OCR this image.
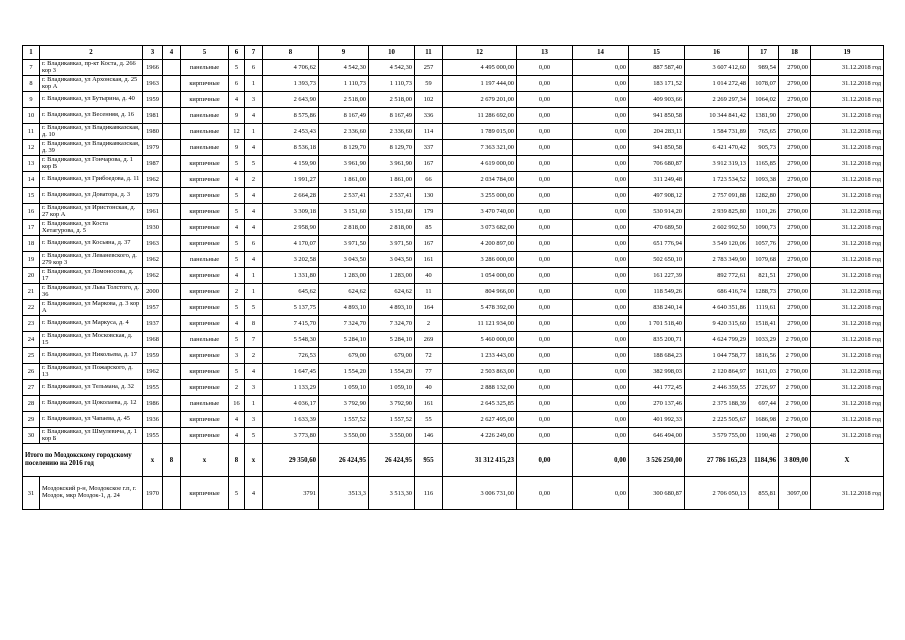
1	2	3	4	5	6	7	8	9	10	11	12	13	14	15	16	17	18	19
7	г. Владикавказ, пр-кт Коста, д. 266 кор 3	1966		панельные	5	6	4 706,62	4 542,30	4 542,30	257	4 495 000,00	0,00	0,00	887 587,40	3 607 412,60	989,54	2790,00	31.12.2018 год
8	г. Владикавказ, ул Архонская, д. 25 кор А	1963		кирпичные	6	1	1 393,73	1 110,73	1 110,73	59	1 197 444,00	0,00	0,00	183 171,52	1 014 272,48	1078,07	2790,00	31.12.2018 год
9	г. Владикавказ, ул Бутырина, д. 40	1959		кирпичные	4	3	2 643,90	2 518,00	2 518,00	102	2 679 201,00	0,00	0,00	409 903,66	2 269 297,34	1064,02	2790,00	31.12.2018 год
10	г. Владикавказ, ул Весенняя, д. 16	1981		панельные	9	4	8 575,86	8 167,49	8 167,49	336	11 286 692,00	0,00	0,00	941 850,58	10 344 841,42	1381,90	2790,00	31.12.2018 год
11	г. Владикавказ, ул Владикавказская, д. 10	1980		панельные	12	1	2 453,43	2 336,60	2 336,60	114	1 789 015,00	0,00	0,00	204 283,11	1 584 731,89	765,65	2790,00	31.12.2018 год
12	г. Владикавказ, ул Владикавказская, д. 39	1979		панельные	9	4	8 536,18	8 129,70	8 129,70	337	7 363 321,00	0,00	0,00	941 850,58	6 421 470,42	905,73	2790,00	31.12.2018 год
13	г. Владикавказ, ул Гончарова, д. 1 кор В	1987		кирпичные	5	5	4 159,90	3 961,90	3 961,90	167	4 619 000,00	0,00	0,00	706 680,87	3 912 319,13	1165,85	2790,00	31.12.2018 год
14	г. Владикавказ, ул Грибоедова, д. 11	1962		кирпичные	4	2	1 991,27	1 861,00	1 861,00	66	2 034 784,00	0,00	0,00	311 249,48	1 723 534,52	1093,38	2790,00	31.12.2018 год
15	г. Владикавказ, ул Доватора, д. 3	1979		кирпичные	5	4	2 664,28	2 537,41	2 537,41	130	3 255 000,00	0,00	0,00	497 908,12	2 757 091,88	1282,80	2790,00	31.12.2018 год
16	г. Владикавказ, ул Иристонская, д. 27 кор А	1961		кирпичные	5	4	3 309,18	3 151,60	3 151,60	179	3 470 740,00	0,00	0,00	530 914,20	2 939 825,80	1101,26	2790,00	31.12.2018 год
17	г. Владикавказ, ул Коста Хетагурова, д. 5	1930		кирпичные	4	4	2 958,90	2 818,00	2 818,00	85	3 073 682,00	0,00	0,00	470 689,50	2 602 992,50	1090,73	2790,00	31.12.2018 год
18	г. Владикавказ, ул Косьяна, д. 37	1963		кирпичные	5	6	4 170,07	3 971,50	3 971,50	167	4 200 897,00	0,00	0,00	651 776,94	3 549 120,06	1057,76	2790,00	31.12.2018 год
19	г. Владикавказ, ул Леваневского, д. 279 кор 3	1962		панельные	5	4	3 202,58	3 043,50	3 043,50	161	3 286 000,00	0,00	0,00	502 650,10	2 783 349,90	1079,68	2790,00	31.12.2018 год
20	г. Владикавказ, ул Ломоносова, д. 17	1962		кирпичные	4	1	1 331,80	1 283,00	1 283,00	40	1 054 000,00	0,00	0,00	161 227,39	892 772,61	821,51	2790,00	31.12.2018 год
21	г. Владикавказ, ул Льва Толстого, д. 36	2000		кирпичные	2	1	645,62	624,62	624,62	11	804 966,00	0,00	0,00	118 549,26	686 416,74	1288,73	2790,00	31.12.2018 год
22	г. Владикавказ, ул Маркова, д. 3 кор А	1957		кирпичные	5	5	5 137,75	4 893,10	4 893,10	164	5 478 392,00	0,00	0,00	838 240,14	4 640 351,86	1119,61	2790,00	31.12.2018 год
23	г. Владикавказ, ул Маркуса, д. 4	1937		кирпичные	4	8	7 415,70	7 324,70	7 324,70	2	11 121 934,00	0,00	0,00	1 701 518,40	9 420 315,60	1518,41	2790,00	31.12.2018 год
24	г. Владикавказ, ул Московская, д. 15	1968		панельные	5	7	5 548,30	5 284,10	5 284,10	269	5 460 000,00	0,00	0,00	835 200,71	4 624 799,29	1033,29	2 790,00	31.12.2018 год
25	г. Владикавказ, ул Никольева, д. 17	1959		кирпичные	3	2	726,53	679,00	679,00	72	1 233 443,00	0,00	0,00	188 684,23	1 044 758,77	1816,56	2 790,00	31.12.2018 год
26	г. Владикавказ, ул Пожарского, д. 13	1962		кирпичные	5	4	1 647,45	1 554,20	1 554,20	77	2 503 863,00	0,00	0,00	382 998,03	2 120 864,97	1611,03	2 790,00	31.12.2018 год
27	г. Владикавказ, ул Тельмана, д. 32	1955		кирпичные	2	3	1 133,29	1 059,10	1 059,10	40	2 888 132,00	0,00	0,00	441 772,45	2 446 359,55	2726,97	2 790,00	31.12.2018 год
28	г. Владикавказ, ул Цоколаева, д. 12	1986		панельные	16	1	4 036,17	3 792,90	3 792,90	161	2 645 325,85	0,00	0,00	270 137,46	2 375 188,39	697,44	2 790,00	31.12.2018 год
29	г. Владикавказ, ул Чапаева, д. 45	1936		кирпичные	4	3	1 633,39	1 557,52	1 557,52	55	2 627 495,00	0,00	0,00	401 992,33	2 225 505,67	1686,98	2 790,00	31.12.2018 год
30	г. Владикавказ, ул Шмулевича, д. 1 кор Б	1955		кирпичные	4	5	3 773,80	3 550,00	3 550,00	146	4 226 249,00	0,00	0,00	646 494,00	3 579 755,00	1190,48	2 790,00	31.12.2018 год
Итого по Моздокскому городскому поселению на 2016 год		x	8	x	8	x	29 350,60	26 424,95	26 424,95	955	31 312 415,23	0,00	0,00	3 526 250,00	27 786 165,23	1184,96	3 809,00	X
31	Моздокский р-н, Моздокское г.п, г. Моздок, мкр Моздок-1, д. 24	1970		кирпичные	5	4	3791	3513,3	3 513,30	116	3 006 731,00	0,00	0,00	300 680,87	2 706 050,13	855,81	3097,00	31.12.2018 год
